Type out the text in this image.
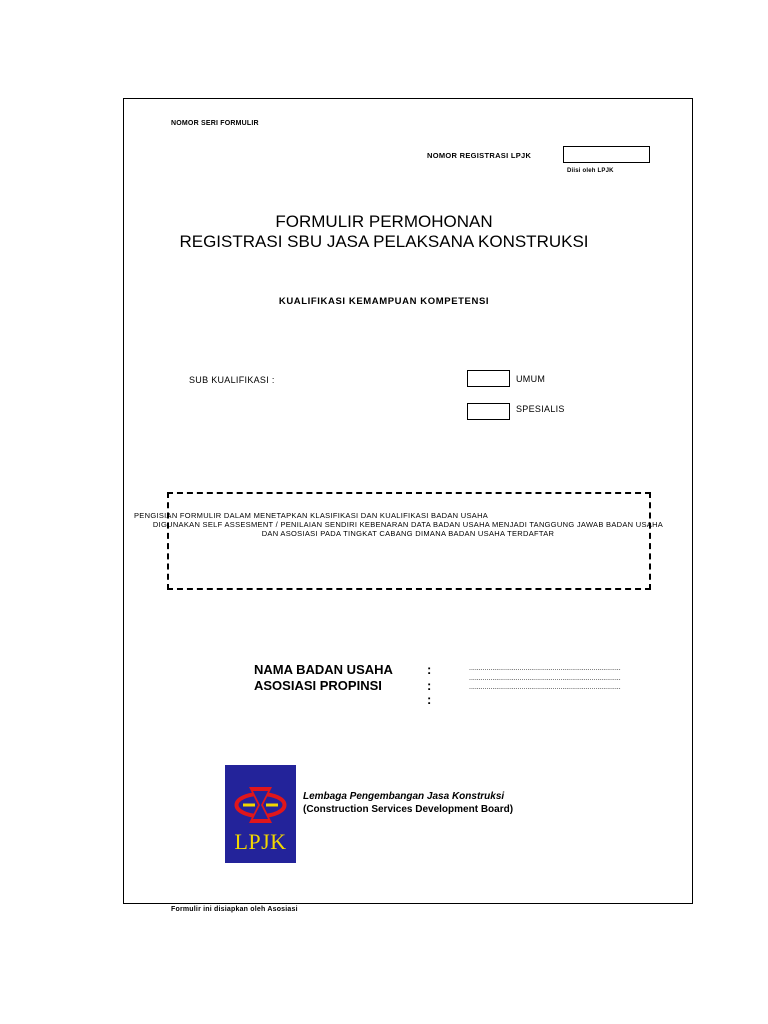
NOMOR SERI FORMULIR
NOMOR REGISTRASI LPJK
Diisi oleh LPJK
FORMULIR PERMOHONAN
REGISTRASI SBU JASA PELAKSANA KONSTRUKSI
KUALIFIKASI KEMAMPUAN KOMPETENSI
SUB KUALIFIKASI :	UMUM
SPESIALIS
PENGISIAN FORMULIR DALAM MENETAPKAN KLASIFIKASI DAN KUALIFIKASI BADAN USAHA
DIGUNAKAN SELF ASSESMENT / PENILAIAN SENDIRI KEBENARAN DATA BADAN USAHA MENJADI TANGGUNG JAWAB BADAN USAHA
DAN ASOSIASI PADA TINGKAT CABANG DIMANA BADAN USAHA TERDAFTAR
NAMA BADAN USAHA
ASOSIASI PROPINSI
:
:
:
..............................................................................
..............................................................................
..............................................................................
LPJK
Lembaga Pengembangan Jasa Konstruksi
(Construction Services Development Board)
Formulir ini disiapkan oleh Asosiasi
